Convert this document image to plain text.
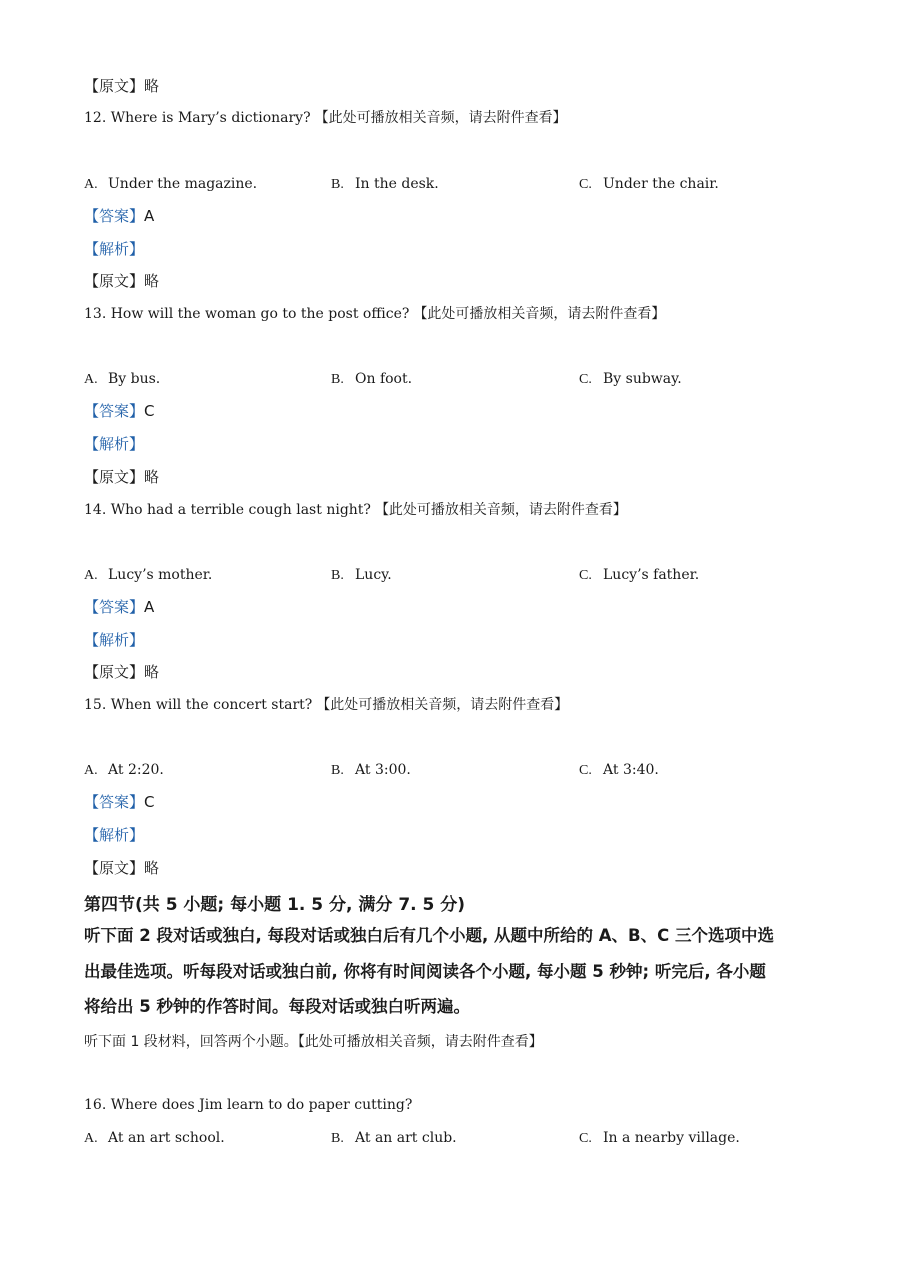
【原文】略
12. Where is Mary’s dictionary? 【此处可播放相关音频，请去附件查看】
A. Under the magazine.	B. In the desk.	C. Under the chair.
【答案】A
【解析】
【原文】略
13. How will the woman go to the post office? 【此处可播放相关音频，请去附件查看】
A. By bus.	B. On foot.	C. By subway.
【答案】C
【解析】
【原文】略
14. Who had a terrible cough last night? 【此处可播放相关音频，请去附件查看】
A. Lucy’s mother.	B. Lucy.	C. Lucy’s father.
【答案】A
【解析】
【原文】略
15. When will the concert start? 【此处可播放相关音频，请去附件查看】
A. At 2:20.	B. At 3:00.	C. At 3:40.
【答案】C
【解析】
【原文】略
第四节(共 5 小题; 每小题 1. 5 分, 满分 7. 5 分)
听下面 2 段对话或独白, 每段对话或独白后有几个小题, 从题中所给的 A、B、C 三个选项中选
出最佳选项。听每段对话或独白前, 你将有时间阅读各个小题, 每小题 5 秒钟; 听完后, 各小题
将给出 5 秒钟的作答时间。每段对话或独白听两遍。
听下面 1 段材料，回答两个小题。【此处可播放相关音频，请去附件查看】
16. Where does Jim learn to do paper cutting?
A. At an art school.	B. At an art club.	C. In a nearby village.
